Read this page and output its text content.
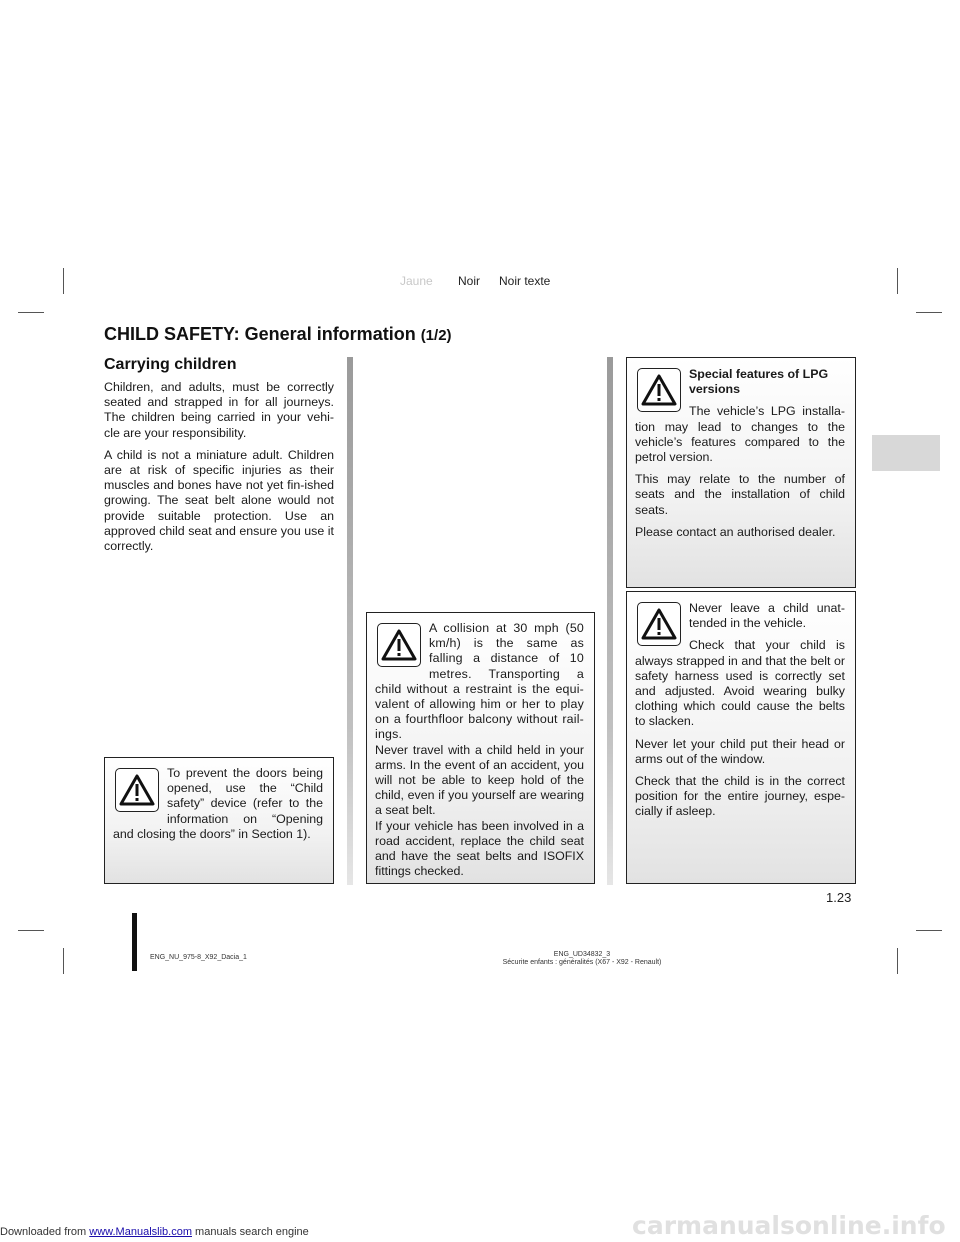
Jaune Noir Noir texte
CHILD SAFETY: General information (1/2)
Carrying children

Children, and adults, must be correctly seated and strapped in for all journeys. The children being carried in your vehi-cle are your responsibility.

A child is not a miniature adult. Children are at risk of specific injuries as their muscles and bones have not yet fin-ished growing. The seat belt alone would not provide suitable protection. Use an approved child seat and ensure you use it correctly.

To prevent the doors being opened, use the “Child safety” device (refer to the information on “Opening and closing the doors” in Section 1).

A collision at 30 mph (50 km/h) is the same as falling a distance of 10 metres. Transporting a child without a restraint is the equi-valent of allowing him or her to play on a fourthfloor balcony without rail-ings.

Never travel with a child held in your arms. In the event of an accident, you will not be able to keep hold of the child, even if you yourself are wearing a seat belt.

If your vehicle has been involved in a road accident, replace the child seat and have the seat belts and ISOFIX fittings checked.

Special features of LPG versions

The vehicle’s LPG installa-tion may lead to changes to the vehicle’s features compared to the petrol version.

This may relate to the number of seats and the installation of child seats.

Please contact an authorised dealer.

Never leave a child unat-tended in the vehicle.

Check that your child is always strapped in and that the belt or safety harness used is correctly set and adjusted. Avoid wearing bulky clothing which could cause the belts to slacken.

Never let your child put their head or arms out of the window.

Check that the child is in the correct position for the entire journey, espe-cially if asleep.

1.23
ENG_NU_975-8_X92_Dacia_1	ENG_UD34832_3
Sécurite enfants : généralités (X67 - X92 - Renault)
carmanualsonline.info
Downloaded from www.Manualslib.com manuals search engine
